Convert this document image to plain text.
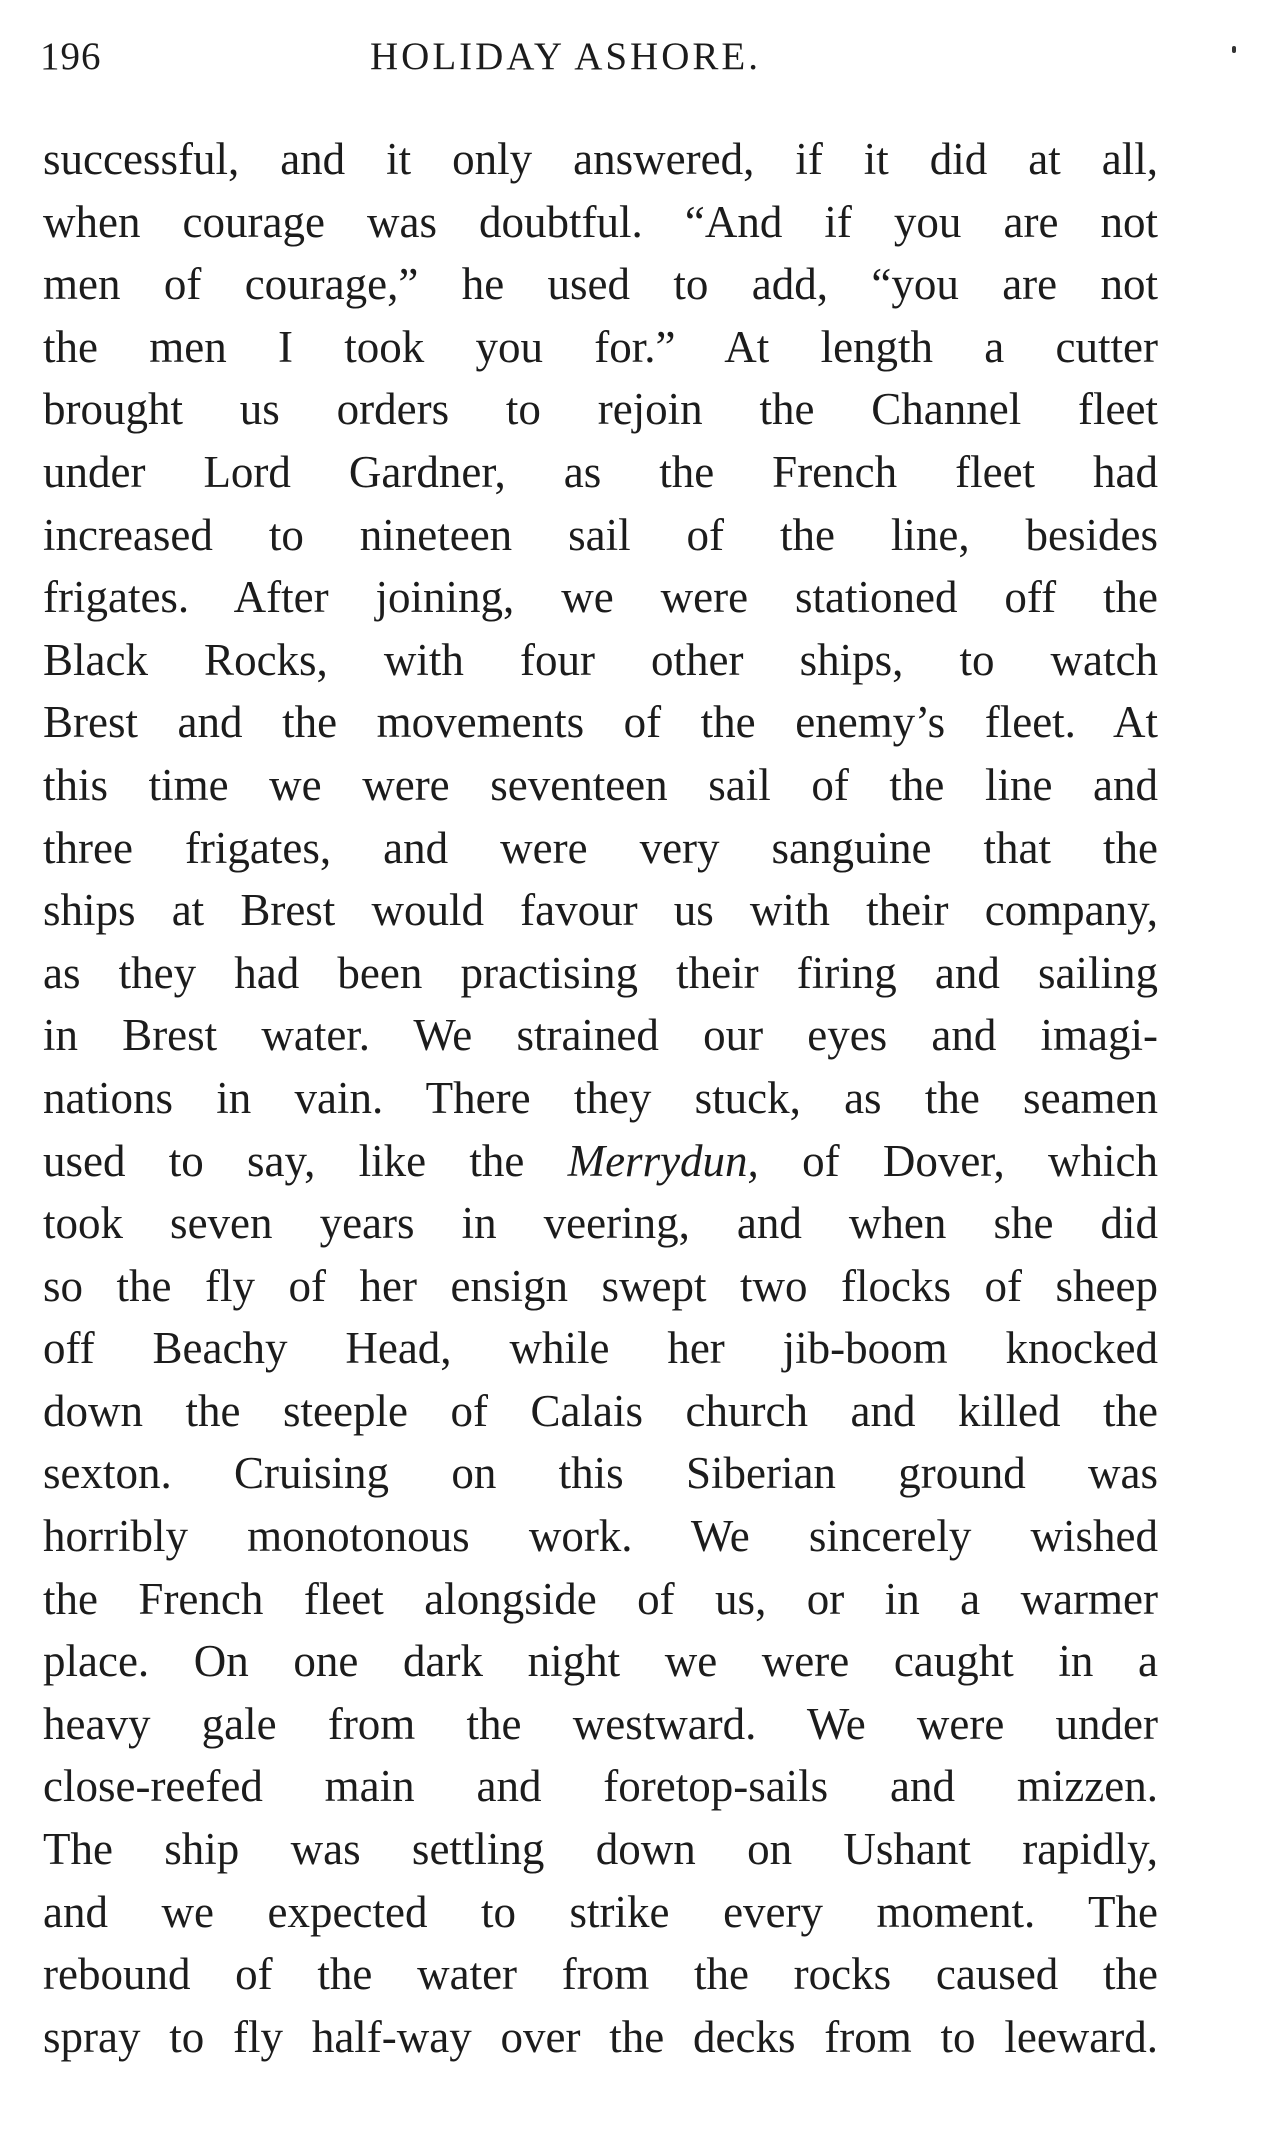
196	HOLIDAY ASHORE.
successful, and it only answered, if it did at all,
when courage was doubtful. “And if you are not
men of courage,” he used to add, “you are not
the men I took you for.” At length a cutter
brought us orders to rejoin the Channel fleet
under Lord Gardner, as the French fleet had
increased to nineteen sail of the line, besides
frigates. After joining, we were stationed off the
Black Rocks, with four other ships, to watch
Brest and the movements of the enemy’s fleet. At
this time we were seventeen sail of the line and
three frigates, and were very sanguine that the
ships at Brest would favour us with their company,
as they had been practising their firing and sailing
in Brest water. We strained our eyes and imagi-
nations in vain. There they stuck, as the seamen
used to say, like the Merrydun, of Dover, which
took seven years in veering, and when she did
so the fly of her ensign swept two flocks of sheep
off Beachy Head, while her jib-boom knocked
down the steeple of Calais church and killed the
sexton. Cruising on this Siberian ground was
horribly monotonous work. We sincerely wished
the French fleet alongside of us, or in a warmer
place. On one dark night we were caught in a
heavy gale from the westward. We were under
close-reefed main and foretop-sails and mizzen.
The ship was settling down on Ushant rapidly,
and we expected to strike every moment. The
rebound of the water from the rocks caused the
spray to fly half-way over the decks from to leeward.
